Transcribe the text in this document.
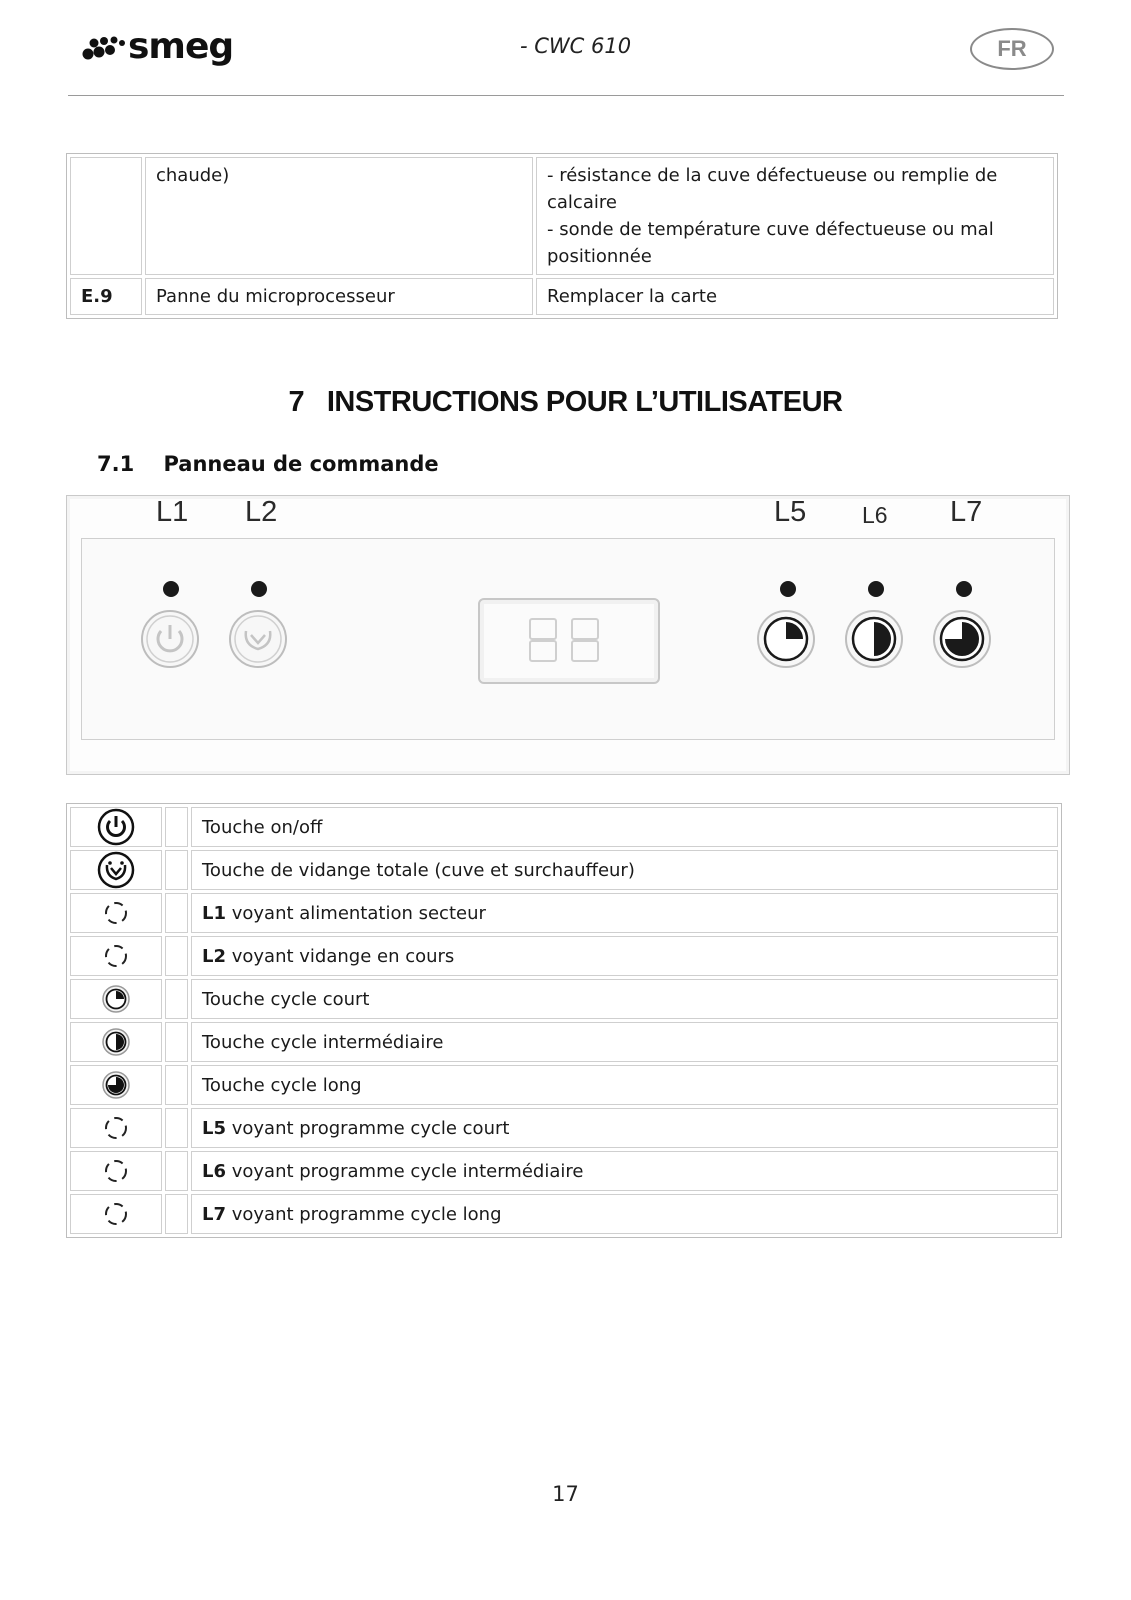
smeg	- CWC 610	FR
	chaude)	- résistance de la cuve défectueuse ou remplie de
calcaire
- sonde de température cuve défectueuse ou mal
positionnée

E.9	Panne du microprocesseur	Remplacer la carte
7   INSTRUCTIONS POUR L’UTILISATEUR
7.1    Panneau de commande
L1 L2	L5 L6 L7
		Touche on/off
		Touche de vidange totale (cuve et surchauffeur)
		L1 voyant alimentation secteur
		L2 voyant vidange en cours
		Touche cycle court
		Touche cycle intermédiaire
		Touche cycle long
		L5 voyant programme cycle court
		L6 voyant programme cycle intermédiaire
		L7 voyant programme cycle long
17
